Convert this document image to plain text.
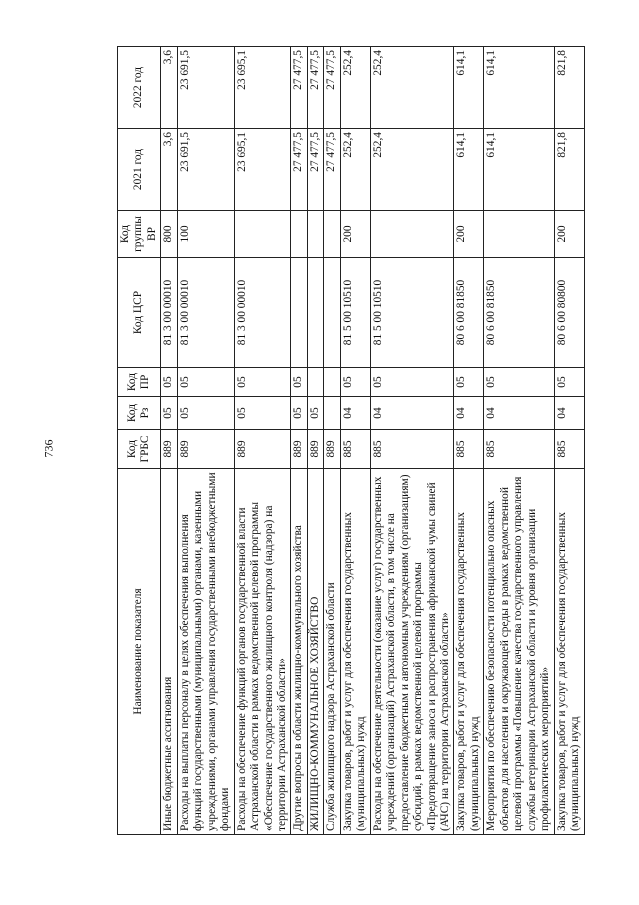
736
Наименование показателя	Код ГРБС	Код Рз	Код ПР	Код ЦСР	Код группы ВР	2021 год	2022 год
Иные бюджетные ассигнования	889	05	05	81 3 00 00010	800	3,6	3,6
Расходы на выплаты персоналу в целях обеспечения выполнения функций государственными (муниципальными) органами, казенными учреждениями, органами управления государственными внебюджетными фондами	889	05	05	81 3 00 00010	100	23 691,5	23 691,5
Расходы на обеспечение функций органов государственной власти Астраханской области в рамках ведомственной целевой программы «Обеспечение государственного жилищного контроля (надзора) на территории Астраханской области»	889	05	05	81 3 00 00010		23 695,1	23 695,1
Другие вопросы в области жилищно-коммунального хозяйства	889	05	05			27 477,5	27 477,5
ЖИЛИЩНО-КОММУНАЛЬНОЕ ХОЗЯЙСТВО	889	05				27 477,5	27 477,5
Служба жилищного надзора Астраханской области	889					27 477,5	27 477,5
Закупка товаров, работ и услуг для обеспечения государственных (муниципальных) нужд	885	04	05	81 5 00 10510	200	252,4	252,4
Расходы на обеспечение деятельности (оказание услуг) государственных учреждений (организаций) Астраханской области, в том числе на предоставление бюджетным и автономным учреждениям (организациям) субсидий, в рамках ведомственной целевой программы «Предотвращение заноса и распространения африканской чумы свиней (АЧС) на территории Астраханской области»	885	04	05	81 5 00 10510		252,4	252,4
Закупка товаров, работ и услуг для обеспечения государственных (муниципальных) нужд	885	04	05	80 6 00 81850	200	614,1	614,1
Мероприятия по обеспечению безопасности потенциально опасных объектов для населения и окружающей среды в рамках ведомственной целевой программы «Повышение качества государственного управления службы ветеринарии Астраханской области и уровня организации профилактических мероприятий»	885	04	05	80 6 00 81850		614,1	614,1
Закупка товаров, работ и услуг для обеспечения государственных (муниципальных) нужд	885	04	05	80 6 00 80800	200	821,8	821,8
